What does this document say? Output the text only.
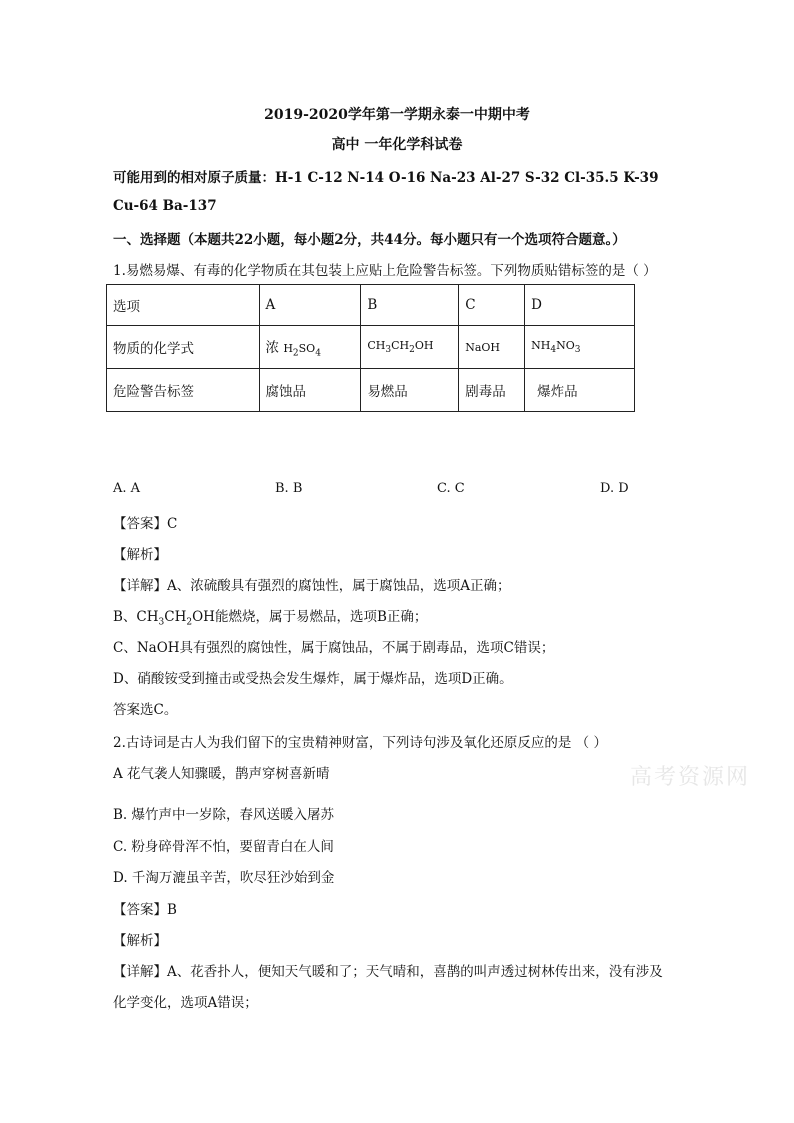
2019-2020学年第一学期永泰一中期中考
高中 一年化学科试卷
可能用到的相对原子质量：H-1 C-12 N-14 O-16 Na-23 Al-27 S-32 Cl-35.5 K-39
Cu-64 Ba-137
一、选择题（本题共22小题，每小题2分，共44分。每小题只有一个选项符合题意。）
1.易燃易爆、有毒的化学物质在其包装上应贴上危险警告标签。下列物质贴错标签的是（ ）
选项	A	B	C	D
物质的化学式	浓 $H_2SO_4$	$CH_3CH_2OH$	NaOH	$NH_4NO_3$
危险警告标签	腐蚀品	易燃品	剧毒品	爆炸品
A. A	B. B	C. C	D. D
【答案】C
【解析】
【详解】A、浓硫酸具有强烈的腐蚀性，属于腐蚀品，选项A正确；
B、$CH_3CH_2OH$能燃烧，属于易燃品，选项B正确；
C、NaOH具有强烈的腐蚀性，属于腐蚀品，不属于剧毒品，选项C错误；
D、硝酸铵受到撞击或受热会发生爆炸，属于爆炸品，选项D正确。
答案选C。
2.古诗词是古人为我们留下的宝贵精神财富，下列诗句涉及氧化还原反应的是 （ ）
A 花气袭人知骤暖，鹊声穿树喜新晴	高考资源网
B. 爆竹声中一岁除，春风送暖入屠苏
C. 粉身碎骨浑不怕，要留青白在人间
D. 千淘万漉虽辛苦，吹尽狂沙始到金
【答案】B
【解析】
【详解】A、花香扑人，便知天气暖和了；天气晴和，喜鹊的叫声透过树林传出来，没有涉及
化学变化，选项A错误；
